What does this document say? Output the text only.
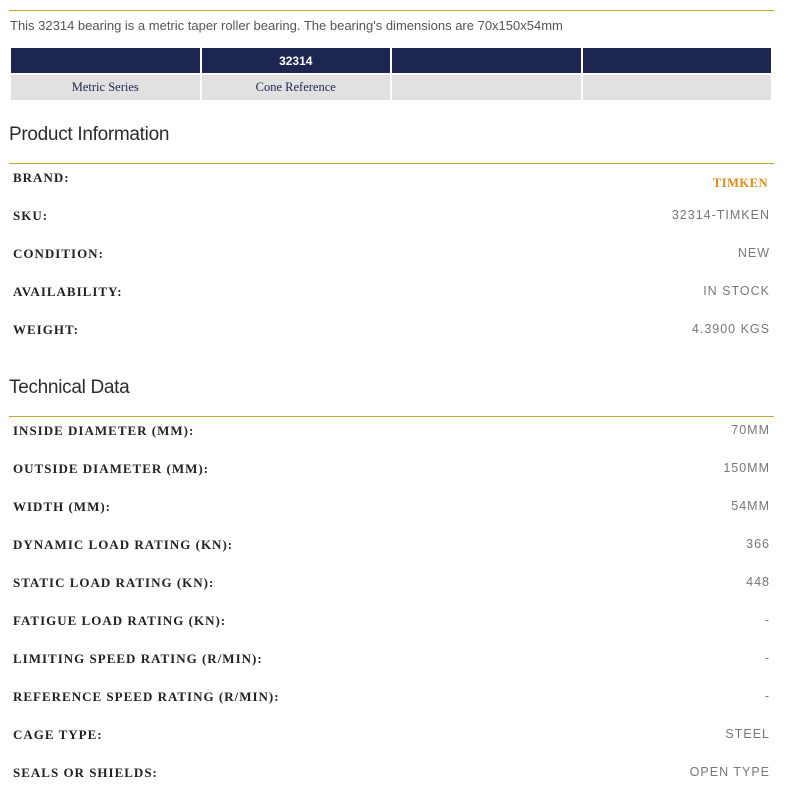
This 32314 bearing is a metric taper roller bearing. The bearing's dimensions are 70x150x54mm
	32314		
Metric Series	Cone Reference		
Product Information
BRAND:	TIMKEN
SKU:	32314-TIMKEN
CONDITION:	NEW
AVAILABILITY:	IN STOCK
WEIGHT:	4.3900 KGS
Technical Data
INSIDE DIAMETER (MM):	70MM
OUTSIDE DIAMETER (MM):	150MM
WIDTH (MM):	54MM
DYNAMIC LOAD RATING (KN):	366
STATIC LOAD RATING (KN):	448
FATIGUE LOAD RATING (KN):	-
LIMITING SPEED RATING (R/MIN):	-
REFERENCE SPEED RATING (R/MIN):	-
CAGE TYPE:	STEEL
SEALS OR SHIELDS:	OPEN TYPE
